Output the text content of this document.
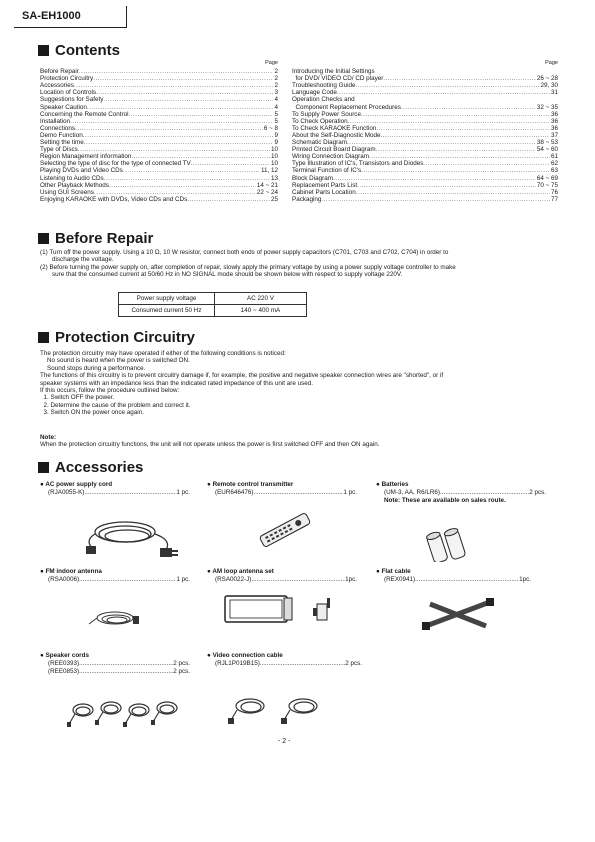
SA-EH1000
Contents
Page
Before Repair .....	2
Protection Circuitry .....	2
Accessories .....	2
Location of Controls .....	3
Suggestions for Safety .....	4
Speaker Caution .....	4
Concerning the Remote Control .....	5
Installation .....	5
Connections .....	6 ~ 8
Demo Function .....	9
Setting the time .....	9
Type of Discs .....	10
Region Management information .....	10
Selecting the type of disc for the type of connected TV .....	10
Playing DVDs and Video CDs .....	11, 12
Listening to Audio CDs .....	13
Other Playback Methods .....	14 ~ 21
Using GUI Screens .....	22 ~ 24
Enjoying KARAOKE with DVDs, Video CDs and CDs .....	25
Page
Introducing the Initial Settings
for DVD/ VIDEO CD/ CD player .....	26 ~ 28
Troubleshooting Guide .....	29, 30
Language Code .....	31
Operation Checks and
Component Replacement Procedures .....	32 ~ 35
To Supply Power Source .....	36
To Check Operation .....	36
To Check KARAOKE Function .....	36
About the Self-Diagnostic Mode .....	37
Schematic Diagram .....	38 ~ 53
Printed Circuit Board Diagram .....	54 ~ 60
Wiring Connection Diagram .....	61
Type Illustration of IC's, Transistors and Diodes .....	62
Terminal Function of IC's .....	63
Block Diagram .....	64 ~ 69
Replacement Parts List .....	70 ~ 75
Cabinet Parts Location .....	76
Packaging .....	77
Before Repair
(1) Turn off the power supply. Using a 10 Ω, 10 W resistor, connect both ends of power supply capacitors (C701, C703 and C702, C704) in order to
discharge the voltage.
(2) Before turning the power supply on, after completion of repair, slowly apply the primary voltage by using a power supply voltage controller to make
sure that the consumed current at 50/60 Hz in NO SIGNAL mode should be shown below with respect to supply voltage 220V.
Power supply voltage	AC 220 V
Consumed current 50 Hz	140 ~ 400 mA
Protection Circuitry
The protection circuitry may have operated if either of the following conditions is noticed:
No sound is heard when the power is switched ON.
Sound stops during a performance.
The functions of this circuitry is to prevent circuitry damage if, for example, the positive and negative speaker connection wires are "shorted", or if
speaker systems with an impedance less than the indicated rated impedance of this unit are used.
If this occurs, follow the procedure outlined below:
1. Switch OFF the power.
2. Determine the cause of the problem and correct it.
3. Switch ON the power once again.
Note:
When the protection circuitry functions, the unit will not operate unless the power is first switched OFF and then ON again.
Accessories
● AC power supply cord
(RJA0055-K) .....	1 pc.
● Remote control transmitter
(EUR646476) .....	1 pc.
● Batteries
(UM-3, AA, R6/LR6) .....	2 pcs.
Note: These are available on sales route.
● FM indoor antenna
(RSA0006) .....	1 pc.
● AM loop antenna set
(RSA0022-J) .....	1pc.
● Flat cable
(REX0941) .....	1pc.
● Speaker cords
(REE0393) .....	2 pcs.
(REE0853) .....	2 pcs.
● Video connection cable
(RJL1P019B15) .....	2 pcs.
- 2 -
